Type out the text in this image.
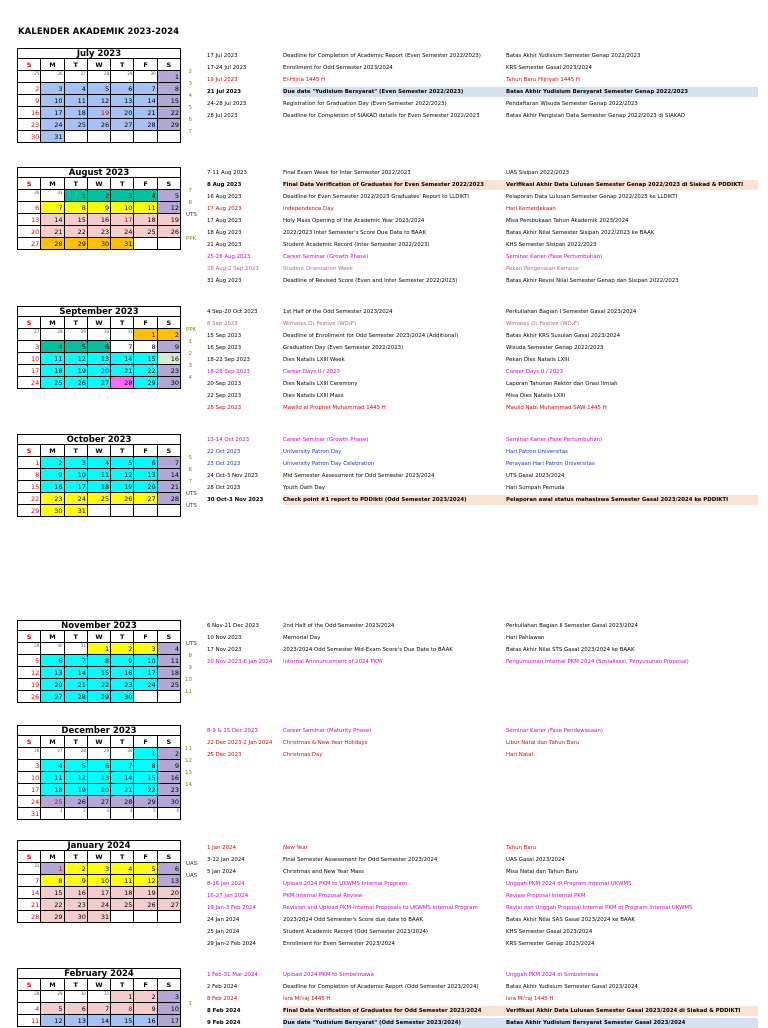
KALENDER AKADEMIK 2023-2024
July 2023
S	M	T	W	T	F	S
25	26	27	28	29	30	1
2	3	4	5	6	7	8
9	10	11	12	13	14	15
16	17	18	19	20	21	22
23	24	25	26	27	28	29
30	31					
2
3
4
5
6
7
August 2023
S	M	T	W	T	F	S
30	31	1	2	3	4	5
6	7	8	9	10	11	12
13	14	15	16	17	18	19
20	21	22	23	24	25	26
27	28	29	30	31		
7
8
UTS
PPK
September 2023
S	M	T	W	T	F	S
27	28	29	30	31	1	2
3	4	5	6	7	8	9
10	11	12	13	14	15	16
17	18	19	20	21	22	23
24	25	26	27	28	29	30
PPK
1
2
3
4
October 2023
S	M	T	W	T	F	S
1	2	3	4	5	6	7
8	9	10	11	12	13	14
15	16	17	18	19	20	21
22	23	24	25	26	27	28
29	30	31				
5
6
7
UTS
UTS
November 2023
S	M	T	W	T	F	S
29	30	31	1	2	3	4
5	6	7	8	9	10	11
12	13	14	15	16	17	18
19	20	21	22	23	24	25
26	27	28	29	30		
UTS
8
9
10
11
December 2023
S	M	T	W	T	F	S
26	27	28	29	30	1	2
3	4	5	6	7	8	9
10	11	12	13	14	15	16
17	18	19	20	21	22	23
24	25	26	27	28	29	30
31	1	2	3	4	5	6
11
12
13
14
January 2024
S	M	T	W	T	F	S
31	1	2	3	4	5	6
7	8	9	10	11	12	13
14	15	16	17	18	19	20
21	22	23	24	25	26	27
28	29	30	31			
UAS
UAS
February 2024
S	M	T	W	T	F	S
28	29	30	31	1	2	3
4	5	6	7	8	9	10
11	12	13	14	15	16	17
1
17 Jul 2023	Deadline for Completion of Academic Report (Even Semester 2022/2023)	Batas Akhir Yudisium Semester Genap 2022/2023
17-24 Jul 2023	Enrollment for Odd Semester 2023/2024	KRS Semester Gasal 2023/2024
19 Jul 2023	El-Hijria 1445 H	Tahun Baru Hijriyah 1445 H
21 Jul 2023	Due date "Yudisium Bersyarat" (Even Semester 2022/2023)	Batas Akhir Yudisium Bersyarat Semester Genap 2022/2023
24-28 Jul 2023	Registration for Graduation Day (Even Semester 2022/2023)	Pendaftaran Wisuda Semester Genap 2022/2023
28 Jul 2023	Deadline for Completion of SIAKAD details for Even Semester 2022/2023	Batas Akhir Pengisian Data Semester Genap 2022/2023 di SIAKAD
7-11 Aug 2023	Final Exam Week for Inter Semester 2022/2023	UAS Sisipan 2022/2023
8 Aug 2023	Final Data Verification of Graduates for Even Semester 2022/2023	Verifikasi Akhir Data Lulusan Semester Genap 2022/2023 di Siakad & PDDIKTI
16 Aug 2023	Deadline for Even Semester 2022/2023 Graduates' Report to LLDIKTI	Pelaporan Data Lulusan Semester Genap 2022/2023 ke LLDIKTI
17 Aug 2023	Independence Day	Hari Kemerdekaan
17 Aug 2023	Holy Mass Opening of the Academic Year 2023/2024	Misa Pembukaan Tahun Akademik 2023/2024
18 Aug 2023	2022/2023 Inter Semester's Score Due Date to BAAK	Batas Akhir Nilai Semester Sisipan 2022/2023 ke BAAK
21 Aug 2023	Student Academic Record (Inter Semester 2022/2023)	KHS Semester Sisipan 2022/2023
25-26 Aug 2023	Career Seminar (Growth Phase)	Seminar Karier (Fase Pertumbuhan)
28 Aug-2 Sep 2023	Student Orientation Week	Pekan Pengenalan Kampus
31 Aug 2023	Deadline of Revised Score (Even and Inter Semester 2022/2023)	Batas Akhir Revisi Nilai Semester Genap dan Sisipan 2022/2023
4 Sep-20 Oct 2023	1st Half of the Odd Semester 2023/2024	Perkuliahan Bagian I Semester Gasal 2023/2024
8 Sep 2023	Wimates O₂ Festive (WO₂F)	Wimates O₂ Festive (WO₂F)
15 Sep 2023	Deadline of Enrollment for Odd Semester 2023/2024 (Additional)	Batas Akhir KRS Susulan Gasal 2023/2024
16 Sep 2023	Graduation Day (Even Semester 2022/2023)	Wisuda Semester Genap 2022/2023
18-22 Sep 2023	Dies Natalis LXIII Week	Pekan Dies Natalis LXIII
18-26 Sep 2023	Career Days II / 2023	Career Days II / 2023
20 Sep 2023	Dies Natalis LXIII Ceremony	Laporan Tahunan Rektor dan Orasi Ilmiah
22 Sep 2023	Dies Natalis LXIII Mass	Misa Dies Natalis LXIII
28 Sep 2023	Mawlid al Prophet Muhammad 1445 H	Maulid Nabi Muhammad SAW 1445 H
13-14 Oct 2023	Career Seminar (Growth Phase)	Seminar Karier (Fase Pertumbuhan)
22 Oct 2023	University Patron Day	Hari Patron Universitas
23 Oct 2023	University Patron Day Celebration	Perayaan Hari Patron Universitas
24 Oct-3 Nov 2023	Mid Semester Assessment for Odd Semester 2023/2024	UTS Gasal 2023/2024
28 Oct 2023	Youth Oath Day	Hari Sumpah Pemuda
30 Oct-3 Nov 2023	Check point #1 report to PDDikti (Odd Semester 2023/2024)	Pelaporan awal status mahasiswa Semester Gasal 2023/2024 ke PDDIKTI
6 Nov-21 Dec 2023	2nd Half of the Odd Semester 2023/2024	Perkuliahan Bagian II Semester Gasal 2023/2024
10 Nov 2023	Memorial Day	Hari Pahlawan
17 Nov 2023	2023/2024 Odd Semester Mid-Exam Score's Due Date to BAAK	Batas Akhir Nilai STS Gasal 2023/2024 ke BAAK
20 Nov 2023-6 Jan 2024	Internal Announcement of 2024 PKM	Pengumuman Internal PKM 2024 (Sosialisasi, Penyusunan Proposal)
8-9 & 15 Dec 2023	Career Seminar (Maturity Phase)	Seminar Karier (Fase Pendewasaan)
22 Dec 2023-2 Jan 2024	Christmas & New Year Holidays	Libur Natal dan Tahun Baru
25 Dec 2023	Christmas Day	Hari Natal
1 Jan 2024	New Year	Tahun Baru
3-12 Jan 2024	Final Semester Assessment for Odd Semester 2023/2024	UAS Gasal 2023/2024
5 Jan 2024	Christmas and New Year Mass	Misa Natal dan Tahun Baru
8-16 Jan 2024	Upload 2024 PKM to UKWMS Internal Program	Unggah PKM 2024 di Program Internal UKWMS
16-27 Jan 2024	PKM Internal Proposal Review	Review Proposal Internal PKM
19 Jan-3 Feb 2024	Revision and Upload PKM-Internal Proposals to UKWMS Internal Program	Revisi dan Unggah Proposal Internal PKM di Program Internal UKWMS
24 Jan 2024	2023/2024 Odd Semester's Score due date to BAAK	Batas Akhir Nilai SAS Gasal 2023/2024 ke BAAK
25 Jan 2024	Student Academic Record (Odd Semester 2023/2024)	KHS Semester Gasal 2023/2024
29 Jan-2 Feb 2024	Enrollment for Even Semester 2023/2024	KRS Semester Genap 2023/2024
1 Feb-31 Mar 2024	Upload 2024 PKM to Simbelmawa	Unggah PKM 2024 di Simbelmawa
2 Feb 2024	Deadline for Completion of Academic Report (Odd Semester 2023/2024)	Batas Akhir Yudisium Semester Gasal 2023/2024
8 Feb 2024	Isra Mi'raj 1445 H	Isra Mi'raj 1445 H
8 Feb 2024	Final Data Verification of Graduates for Odd Semester 2023/2024	Verifikasi Akhir Data Lulusan Semester Gasal 2023/2024 di Siakad & PDDIKTI
9 Feb 2024	Due date "Yudisium Bersyarat" (Odd Semester 2023/2024)	Batas Akhir Yudisium Bersyarat Semester Gasal 2023/2024
